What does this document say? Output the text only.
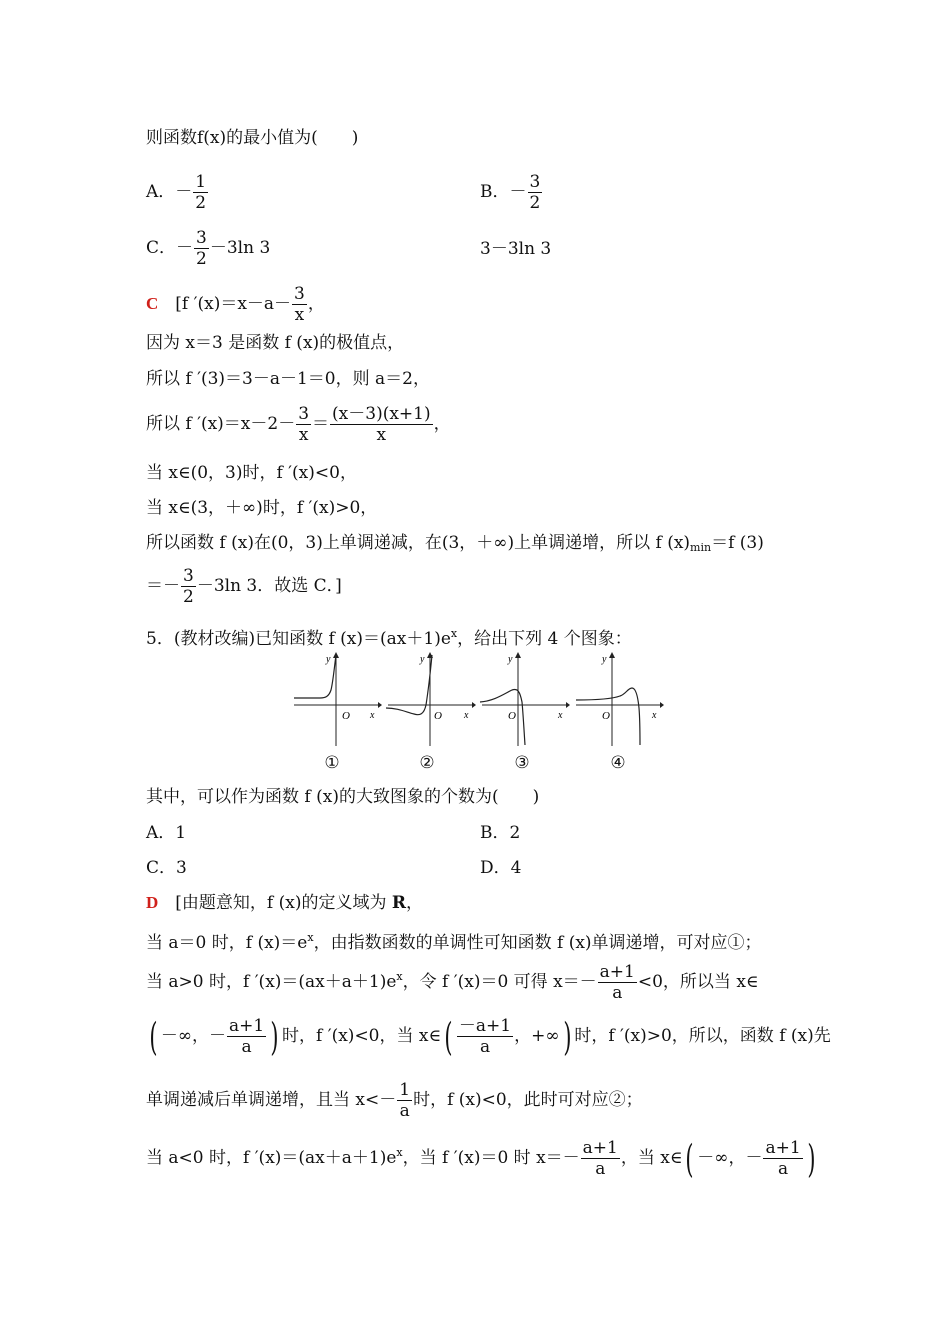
则函数f(x)的最小值为(　　)
A．－ $\frac{1}{2}$	B．－ $\frac{3}{2}$
C．－ $\frac{3}{2} -3\ln$ 3	3－3ln 3
C　 [f $'(x)=x-a- \frac{3}{x}$ ，
因为 x＝3 是函数 f (x)的极值点，
所以 f ′(3)＝3－a－1＝0，则 a＝2，
所以 f $'(x)=x-2- \frac{3}{x} = \frac{(x-3)(x+1)}{x}$ ，
当 x∈(0，3)时，f ′(x)<0，
当 x∈(3，＋∞)时，f ′(x)>0，
所以函数 f (x)在(0，3)上单调递减，在(3，＋∞)上单调递增，所以 f $(x)_{min}=f$ (3)
＝－ $\frac{3}{2} -3\ln$ 3．故选 C．]
5．(教材改编)已知函数 f $(x)=(ax+1)e^x$，给出下列 4 个图象：
y
O x
y
O x
y
O	x
y
O	x
①	②	③	④
其中，可以作为函数 f (x)的大致图象的个数为(　　)
A．1	B．2
C．3	D．4
D　 [由题意知，f (x)的定义域为 R，
当 a＝0 时，f $(x)=e^x$，由指数函数的单调性可知函数 f (x)单调递增，可对应①；
当 a>0 时，f $'(x)=(ax+a+1)e^x$，令 f ′(x)＝0 可得 $x=- \frac{a+1}{a} <0$，所以当 x∈
( －∞，－ $\frac{a+1}{a}$ ) 时，f ′(x)<0，当 x∈( $\frac{-a+1}{a}$ ，+∞) 时，f ′(x)>0，所以，函数 f (x)先
单调递减后单调递增，且当 $x<- \frac{1}{a}$ 时，f (x)<0，此时可对应②；
当 a<0 时，f $'(x)=(ax+a+1)e^x$，当 f ′(x)＝0 时 $x=- \frac{a+1}{a}$ ，当 x∈( －∞，－ $\frac{a+1}{a}$ )
